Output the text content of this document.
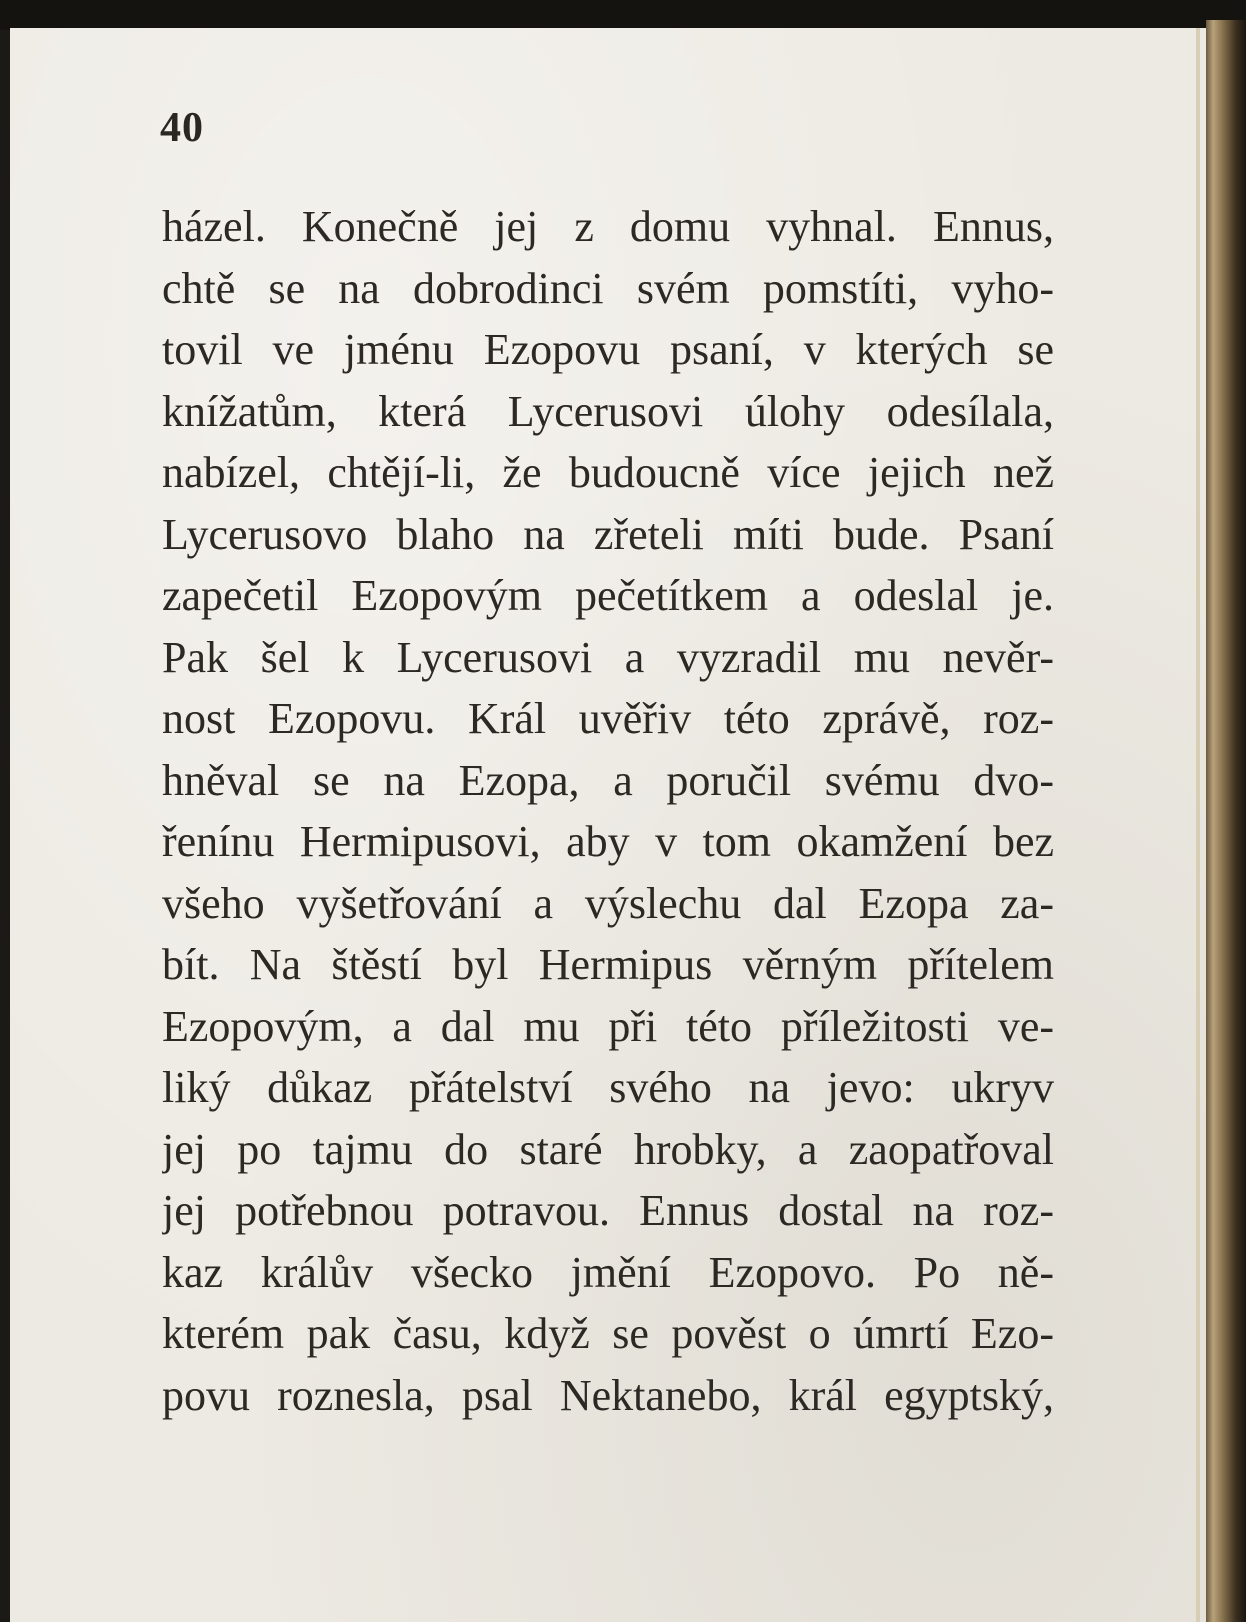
40
házel. Konečně jej z domu vyhnal. Ennus,
chtě se na dobrodinci svém pomstíti, vyho-
tovil ve jménu Ezopovu psaní, v kterých se
knížatům, která Lycerusovi úlohy odesílala,
nabízel, chtějí-li, že budoucně více jejich než
Lycerusovo blaho na zřeteli míti bude. Psaní
zapečetil Ezopovým pečetítkem a odeslal je.
Pak šel k Lycerusovi a vyzradil mu nevěr-
nost Ezopovu. Král uvěřiv této zprávě, roz-
hněval se na Ezopa, a poručil svému dvo-
řenínu Hermipusovi, aby v tom okamžení bez
všeho vyšetřování a výslechu dal Ezopa za-
bít. Na štěstí byl Hermipus věrným přítelem
Ezopovým, a dal mu při této příležitosti ve-
liký důkaz přátelství svého na jevo: ukryv
jej po tajmu do staré hrobky, a zaopatřoval
jej potřebnou potravou. Ennus dostal na roz-
kaz králův všecko jmění Ezopovo. Po ně-
kterém pak času, když se pověst o úmrtí Ezo-
povu roznesla, psal Nektanebo, král egyptský,
